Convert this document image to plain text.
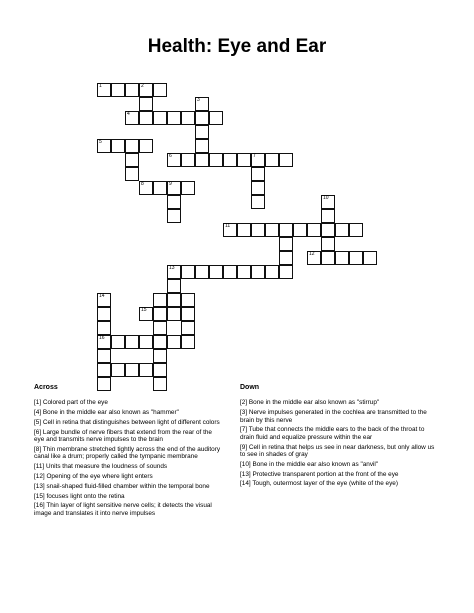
Health: Eye and Ear
1	2
3
4
5
6	7
8	9
10
11
12
13
15
16
14
Across
[1] Colored part of the eye
[4] Bone in the middle ear also known as "hammer"
[5] Cell in retina that distinguishes between light of different colors
[6] Large bundle of nerve fibers that extend from the rear of the eye and transmits nerve impulses to the brain
[8] Thin membrane stretched tightly across the end of the auditory canal like a drum; properly called the tympanic membrane
[11] Units that measure the loudness of sounds
[12] Opening of the eye where light enters
[13] snail-shaped fluid-filled chamber within the temporal bone
[15] focuses light onto the retina
[16] Thin layer of light sensitive nerve cells; it detects the visual image and translates it into nerve impulses
Down
[2] Bone in the middle ear also known as "stirrup"
[3] Nerve impulses generated in the cochlea are transmitted to the brain by this nerve
[7] Tube that connects the middle ears to the back of the throat to drain fluid and equalize pressure within the ear
[9] Cell in retina that helps us see in near darkness, but only allow us to see in shades of gray
[10] Bone in the middle ear also known as "anvil"
[13] Protective transparent portion at the front of the eye
[14] Tough, outermost layer of the eye (white of the eye)
